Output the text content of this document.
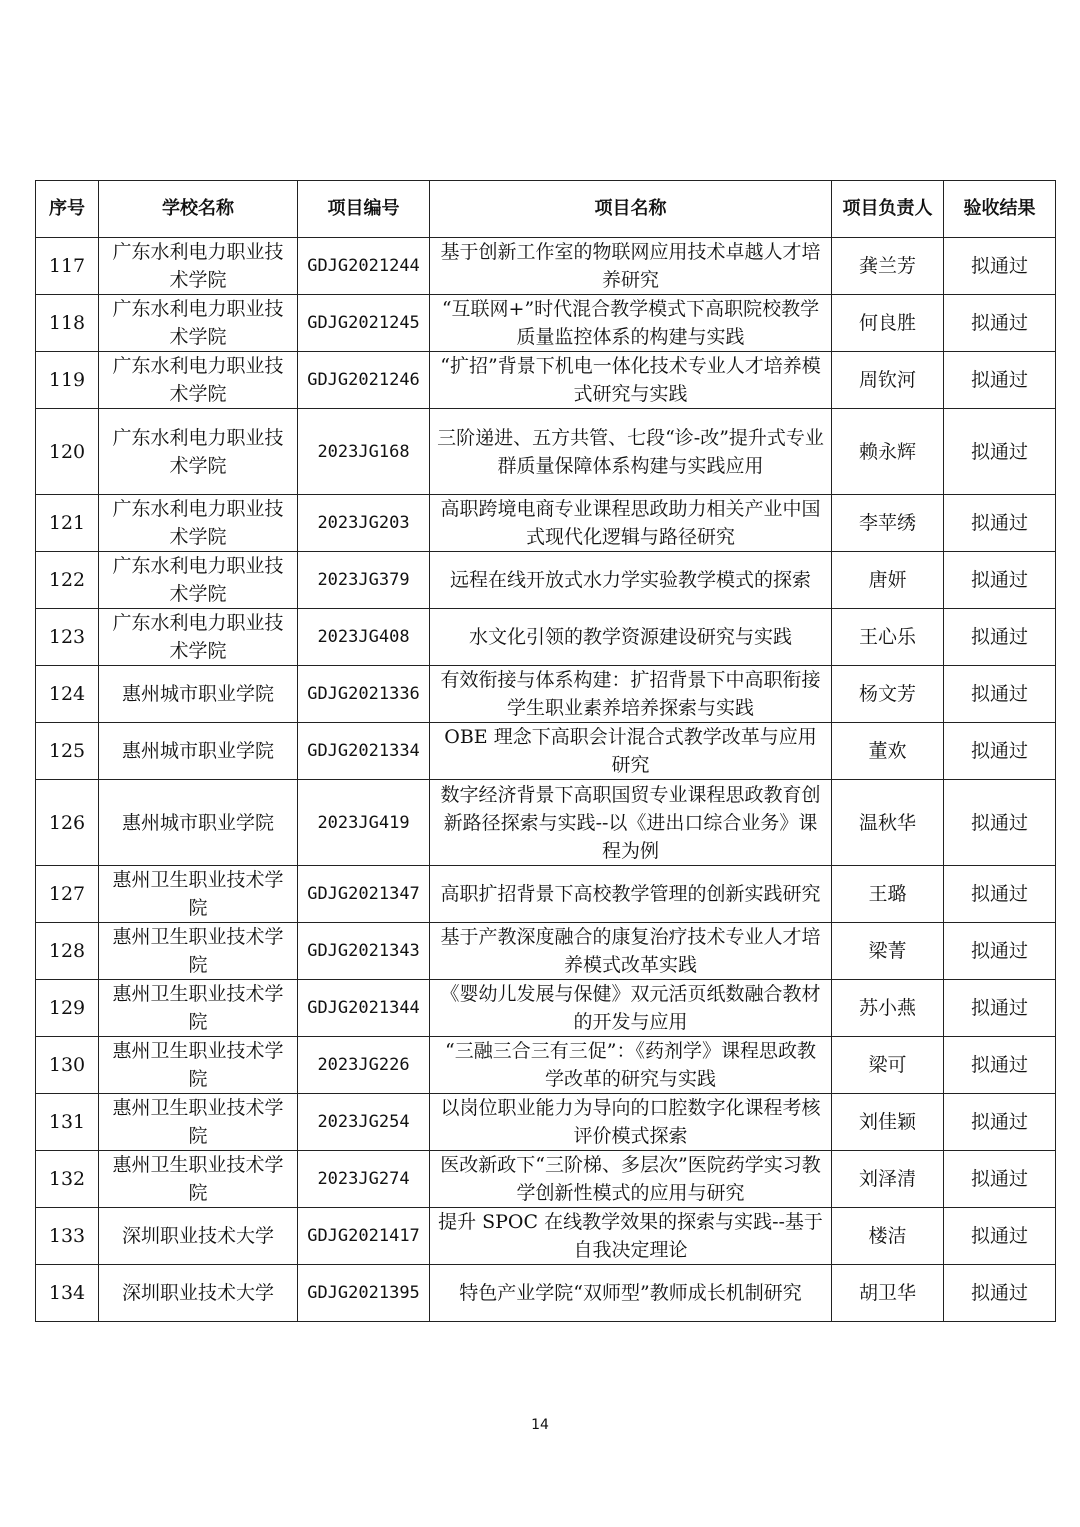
序号	学校名称	项目编号	项目名称	项目负责人	验收结果
117	广东水利电力职业技术学院	GDJG2021244	基于创新工作室的物联网应用技术卓越人才培养研究	龚兰芳	拟通过
118	广东水利电力职业技术学院	GDJG2021245	“互联网+”时代混合教学模式下高职院校教学质量监控体系的构建与实践	何良胜	拟通过
119	广东水利电力职业技术学院	GDJG2021246	“扩招”背景下机电一体化技术专业人才培养模式研究与实践	周钦河	拟通过
120	广东水利电力职业技术学院	2023JG168	三阶递进、五方共管、七段“诊-改”提升式专业群质量保障体系构建与实践应用	赖永辉	拟通过
121	广东水利电力职业技术学院	2023JG203	高职跨境电商专业课程思政助力相关产业中国式现代化逻辑与路径研究	李苹绣	拟通过
122	广东水利电力职业技术学院	2023JG379	远程在线开放式水力学实验教学模式的探索	唐妍	拟通过
123	广东水利电力职业技术学院	2023JG408	水文化引领的教学资源建设研究与实践	王心乐	拟通过
124	惠州城市职业学院	GDJG2021336	有效衔接与体系构建：扩招背景下中高职衔接学生职业素养培养探索与实践	杨文芳	拟通过
125	惠州城市职业学院	GDJG2021334	OBE 理念下高职会计混合式教学改革与应用研究	董欢	拟通过
126	惠州城市职业学院	2023JG419	数字经济背景下高职国贸专业课程思政教育创新路径探索与实践--以《进出口综合业务》课程为例	温秋华	拟通过
127	惠州卫生职业技术学院	GDJG2021347	高职扩招背景下高校教学管理的创新实践研究	王璐	拟通过
128	惠州卫生职业技术学院	GDJG2021343	基于产教深度融合的康复治疗技术专业人才培养模式改革实践	梁菁	拟通过
129	惠州卫生职业技术学院	GDJG2021344	《婴幼儿发展与保健》双元活页纸数融合教材的开发与应用	苏小燕	拟通过
130	惠州卫生职业技术学院	2023JG226	“三融三合三有三促”：《药剂学》课程思政教学改革的研究与实践	梁可	拟通过
131	惠州卫生职业技术学院	2023JG254	以岗位职业能力为导向的口腔数字化课程考核评价模式探索	刘佳颖	拟通过
132	惠州卫生职业技术学院	2023JG274	医改新政下“三阶梯、多层次”医院药学实习教学创新性模式的应用与研究	刘泽清	拟通过
133	深圳职业技术大学	GDJG2021417	提升 SPOC 在线教学效果的探索与实践--基于自我决定理论	楼洁	拟通过
134	深圳职业技术大学	GDJG2021395	特色产业学院“双师型”教师成长机制研究	胡卫华	拟通过
14
